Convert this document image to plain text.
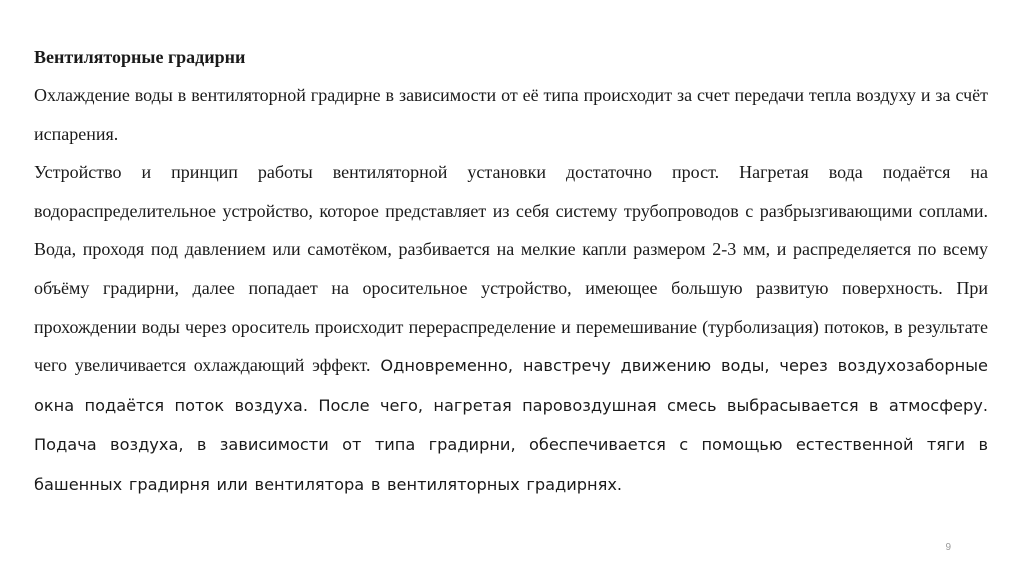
Вентиляторные градирни

Охлаждение воды в вентиляторной градирне в зависимости от её типа происходит за счет передачи тепла воздуху и за счёт испарения.

Устройство и принцип работы вентиляторной установки достаточно прост. Нагретая вода подаётся на водораспределительное устройство, которое представляет из себя систему трубопроводов с разбрызгивающими соплами. Вода, проходя под давлением или самотёком, разбивается на мелкие капли размером 2-3 мм, и распределяется по всему объёму градирни, далее попадает на оросительное устройство, имеющее большую развитую поверхность. При прохождении воды через ороситель происходит перераспределение и перемешивание (турболизация) потоков, в результате чего увеличивается охлаждающий эффект. Одновременно, навстречу движению воды, через воздухозаборные окна подаётся поток воздуха. После чего, нагретая паровоздушная смесь выбрасывается в атмосферу. Подача воздуха, в зависимости от типа градирни, обеспечивается с помощью естественной тяги в башенных градирня или вентилятора в вентиляторных градирнях.

9
